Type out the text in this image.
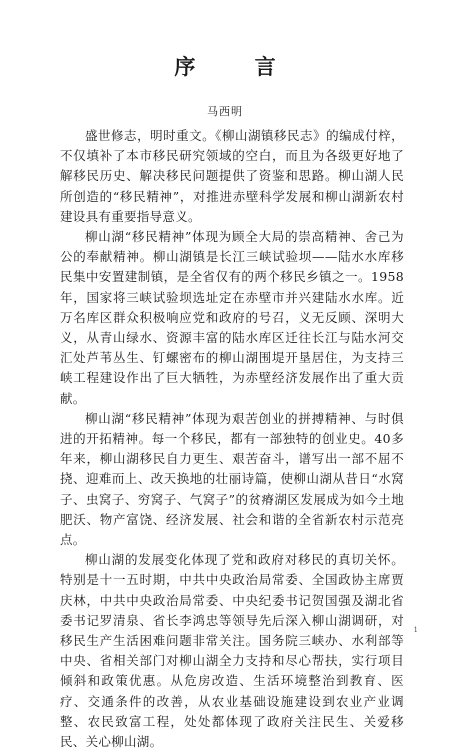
序 言
马西明

盛世修志，明时重文。《柳山湖镇移民志》的编成付梓，不仅填补了本市移民研究领域的空白，而且为各级更好地了解移民历史、解决移民问题提供了资鉴和思路。柳山湖人民所创造的“移民精神”，对推进赤壁科学发展和柳山湖新农村建设具有重要指导意义。

柳山湖“移民精神”体现为顾全大局的崇高精神、舍己为公的奉献精神。柳山湖镇是长江三峡试验坝——陆水水库移民集中安置建制镇，是全省仅有的两个移民乡镇之一。1958年，国家将三峡试验坝选址定在赤壁市并兴建陆水水库。近万名库区群众积极响应党和政府的号召，义无反顾、深明大义，从青山绿水、资源丰富的陆水库区迁往长江与陆水河交汇处芦苇丛生、钉螺密布的柳山湖围堤开垦居住，为支持三峡工程建设作出了巨大牺牲，为赤壁经济发展作出了重大贡献。

柳山湖“移民精神”体现为艰苦创业的拼搏精神、与时俱进的开拓精神。每一个移民，都有一部独特的创业史。40多年来，柳山湖移民自力更生、艰苦奋斗，谱写出一部不屈不挠、迎难而上、改天换地的壮丽诗篇，使柳山湖从昔日“水窝子、虫窝子、穷窝子、气窝子”的贫瘠湖区发展成为如今土地肥沃、物产富饶、经济发展、社会和谐的全省新农村示范亮点。

柳山湖的发展变化体现了党和政府对移民的真切关怀。特别是十一五时期，中共中央政治局常委、全国政协主席贾庆林，中共中央政治局常委、中央纪委书记贺国强及湖北省委书记罗清泉、省长李鸿忠等领导先后深入柳山湖调研，对移民生产生活困难问题非常关注。国务院三峡办、水利部等中央、省相关部门对柳山湖全力支持和尽心帮扶，实行项目倾斜和政策优惠。从危房改造、生活环境整治到教育、医疗、交通条件的改善，从农业基础设施建设到农业产业调整、农民致富工程，处处都体现了政府关注民生、关爱移民、关心柳山湖。

1
